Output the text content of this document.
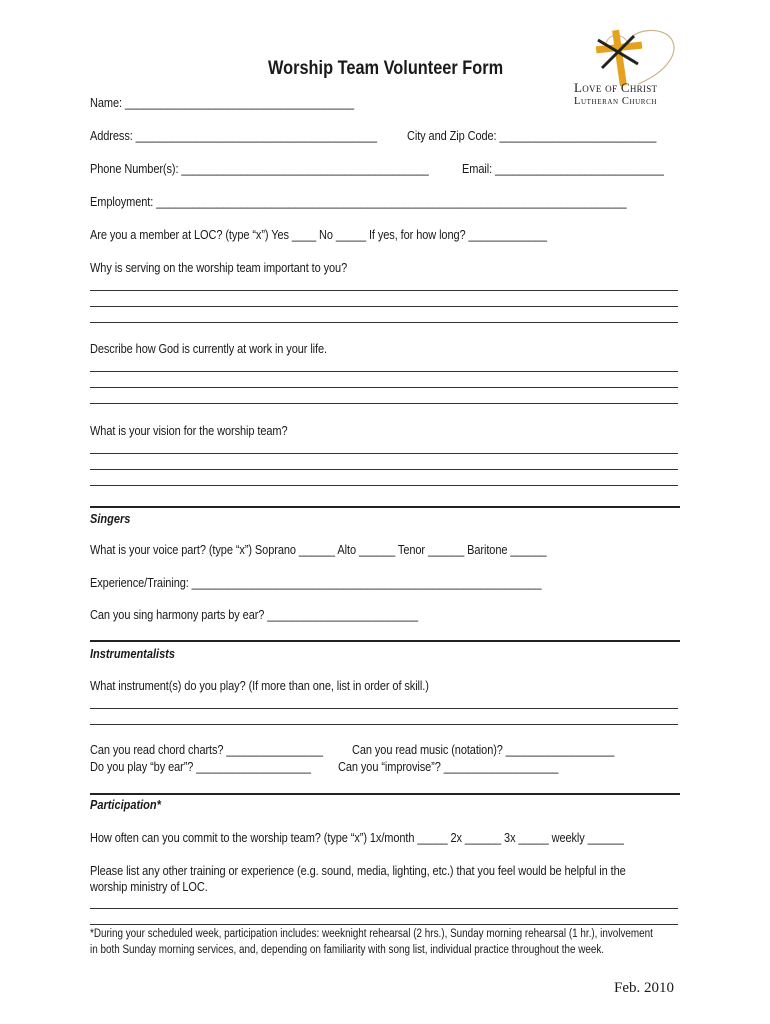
Love of Christ
Lutheran Church
Worship Team Volunteer Form
Name: ______________________________________
Address: ________________________________________ City and Zip Code: __________________________
Phone Number(s): _________________________________________	Email: ____________________________
Employment: ______________________________________________________________________________
Are you a member at LOC? (type “x”) Yes ____ No _____ If yes, for how long? _____________
Why is serving on the worship team important to you?
Describe how God is currently at work in your life.
What is your vision for the worship team?
Singers
What is your voice part? (type “x”) Soprano ______ Alto ______ Tenor ______ Baritone ______
Experience/Training: __________________________________________________________
Can you sing harmony parts by ear? _________________________
Instrumentalists
What instrument(s) do you play? (If more than one, list in order of skill.)
Can you read chord charts? ________________ Can you read music (notation)? __________________
Do you play “by ear”? ___________________ Can you “improvise”? ___________________
Participation*
How often can you commit to the worship team? (type “x”) 1x/month _____ 2x ______ 3x _____ weekly ______
Please list any other training or experience (e.g. sound, media, lighting, etc.) that you feel would be helpful in the
worship ministry of LOC.
*During your scheduled week, participation includes: weeknight rehearsal (2 hrs.), Sunday morning rehearsal (1 hr.), involvement
in both Sunday morning services, and, depending on familiarity with song list, individual practice throughout the week.
Feb. 2010
